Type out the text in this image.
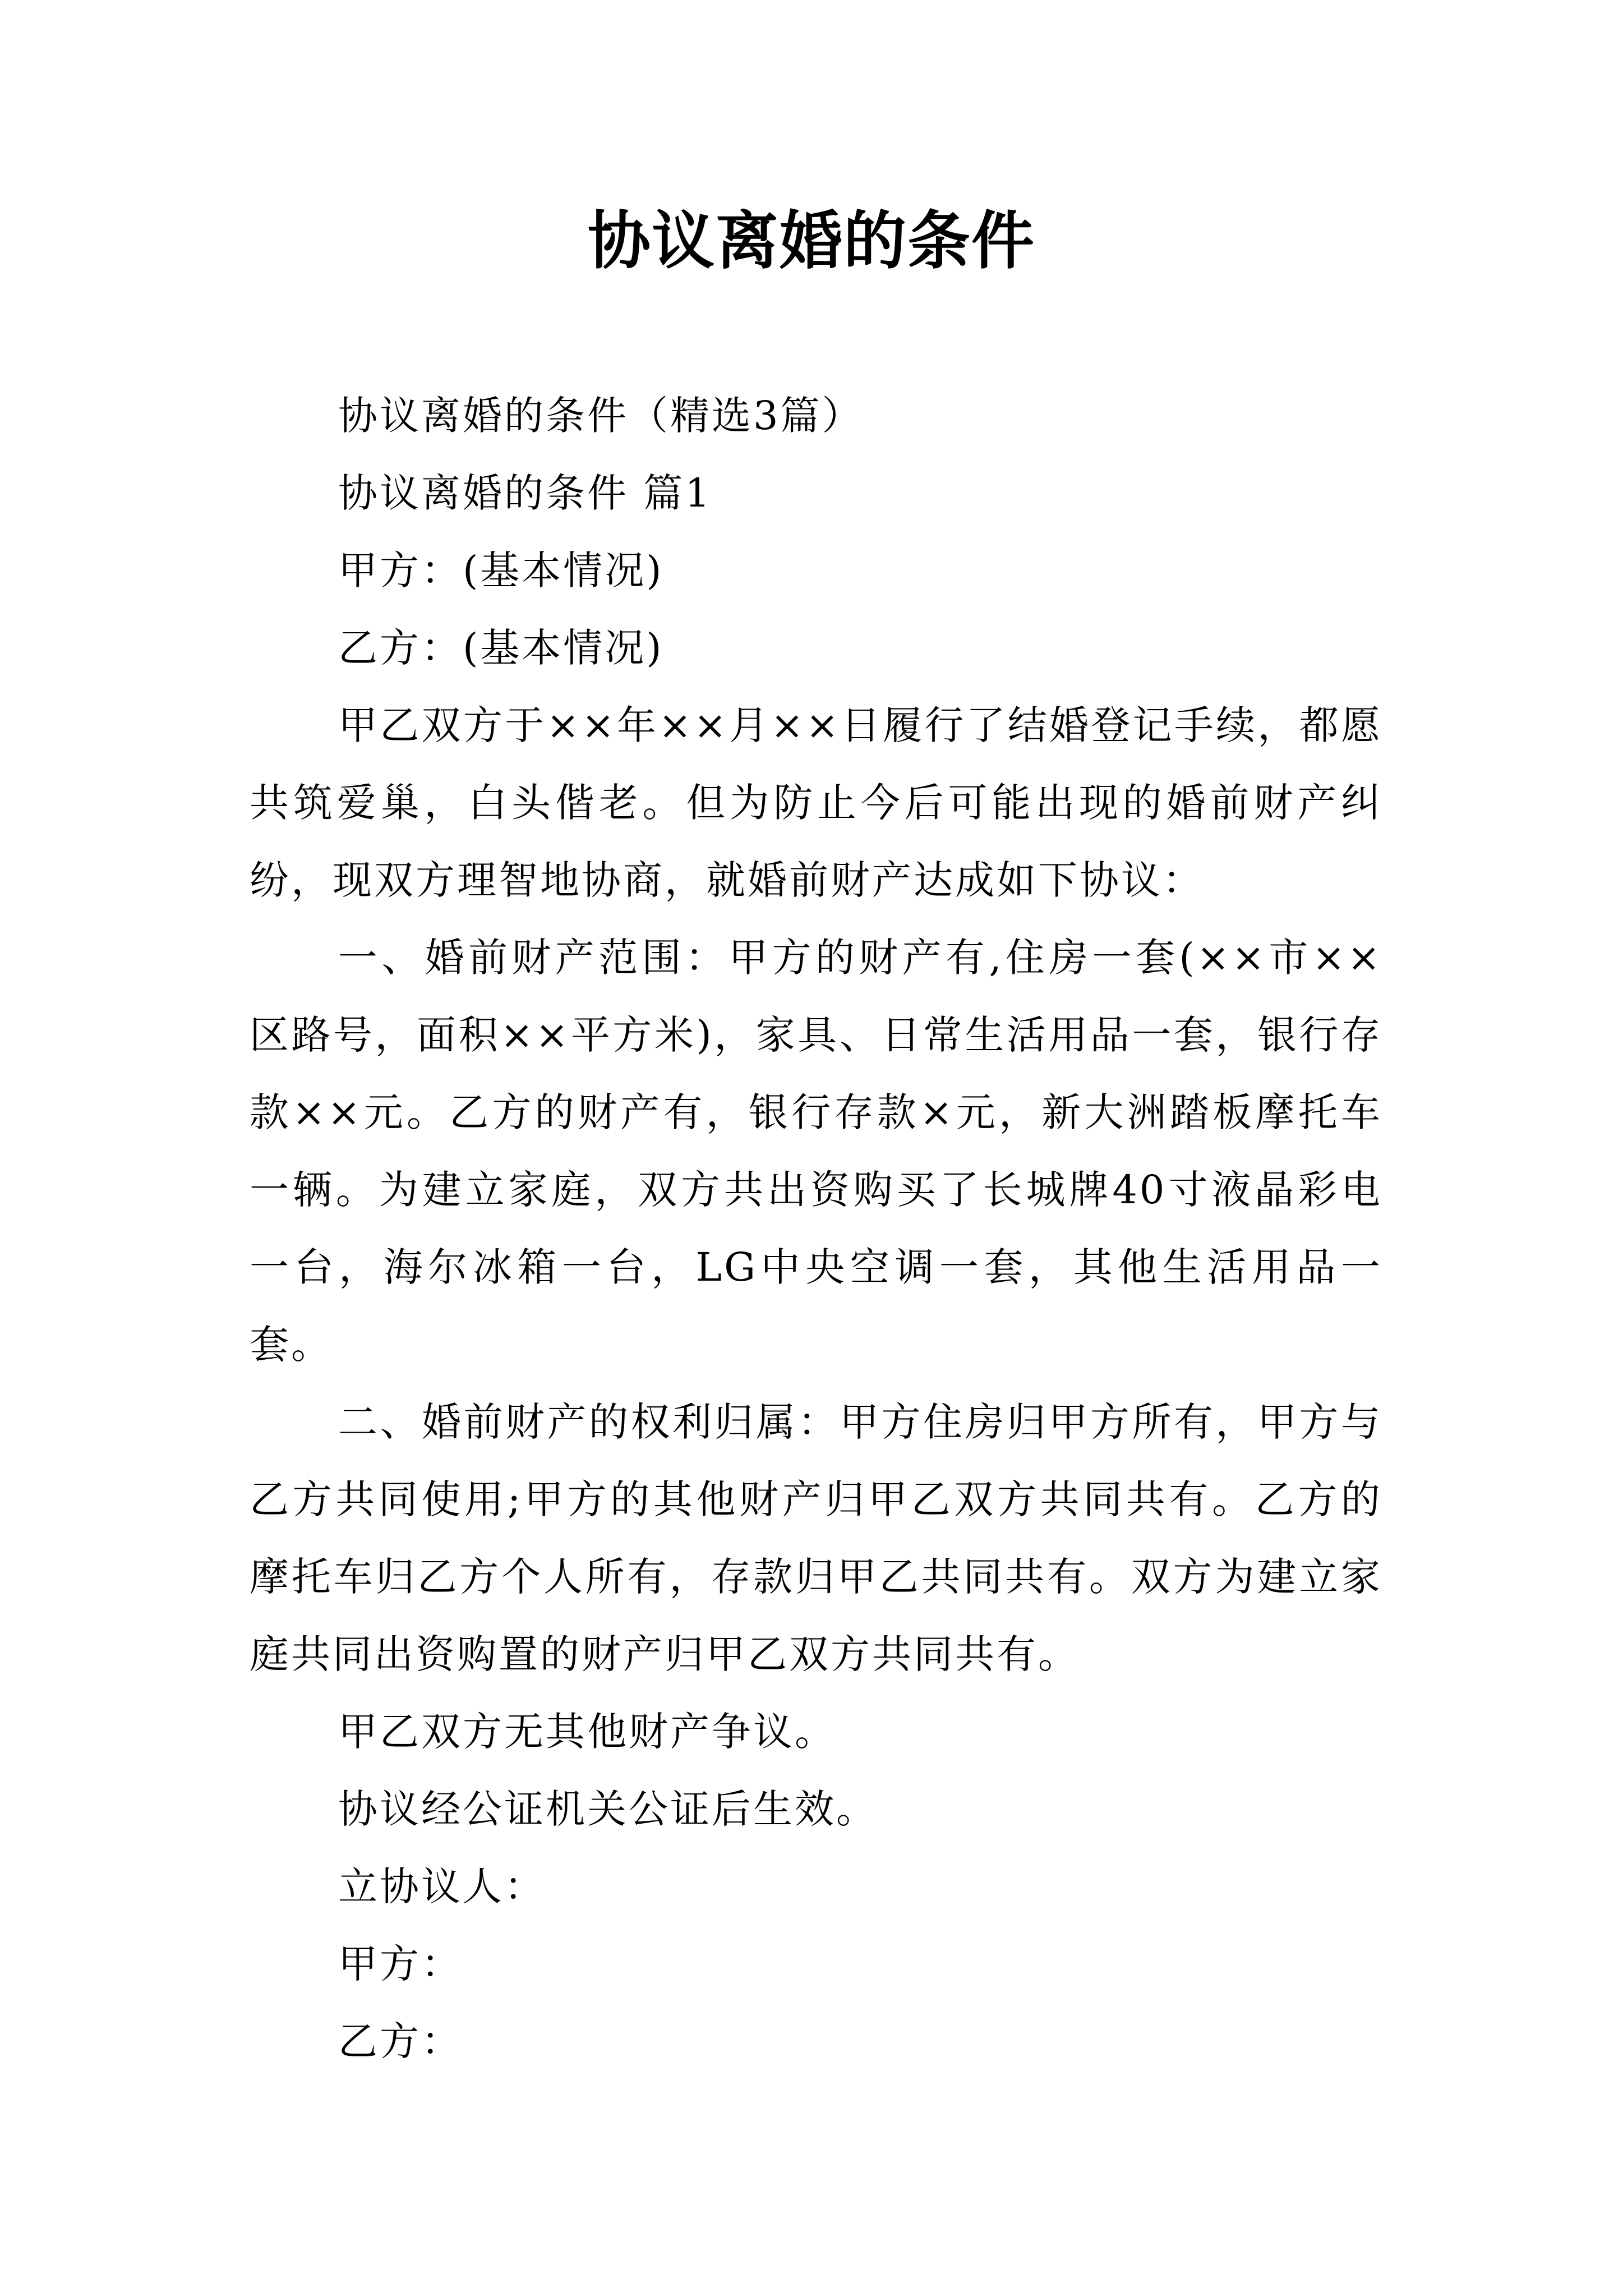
协议离婚的条件

协议离婚的条件（精选3篇）

协议离婚的条件 篇1

甲方：(基本情况)

乙方：(基本情况)

甲乙双方于××年××月××日履行了结婚登记手续，都愿共筑爱巢，白头偕老。但为防止今后可能出现的婚前财产纠纷，现双方理智地协商，就婚前财产达成如下协议：

一、婚前财产范围：甲方的财产有,住房一套(××市××区路号，面积××平方米)，家具、日常生活用品一套，银行存款××元。乙方的财产有，银行存款×元，新大洲踏板摩托车一辆。为建立家庭，双方共出资购买了长城牌40寸液晶彩电一台，海尔冰箱一台，LG中央空调一套，其他生活用品一套。

二、婚前财产的权利归属：甲方住房归甲方所有，甲方与乙方共同使用;甲方的其他财产归甲乙双方共同共有。乙方的摩托车归乙方个人所有，存款归甲乙共同共有。双方为建立家庭共同出资购置的财产归甲乙双方共同共有。

甲乙双方无其他财产争议。

协议经公证机关公证后生效。

立协议人：

甲方：

乙方：
